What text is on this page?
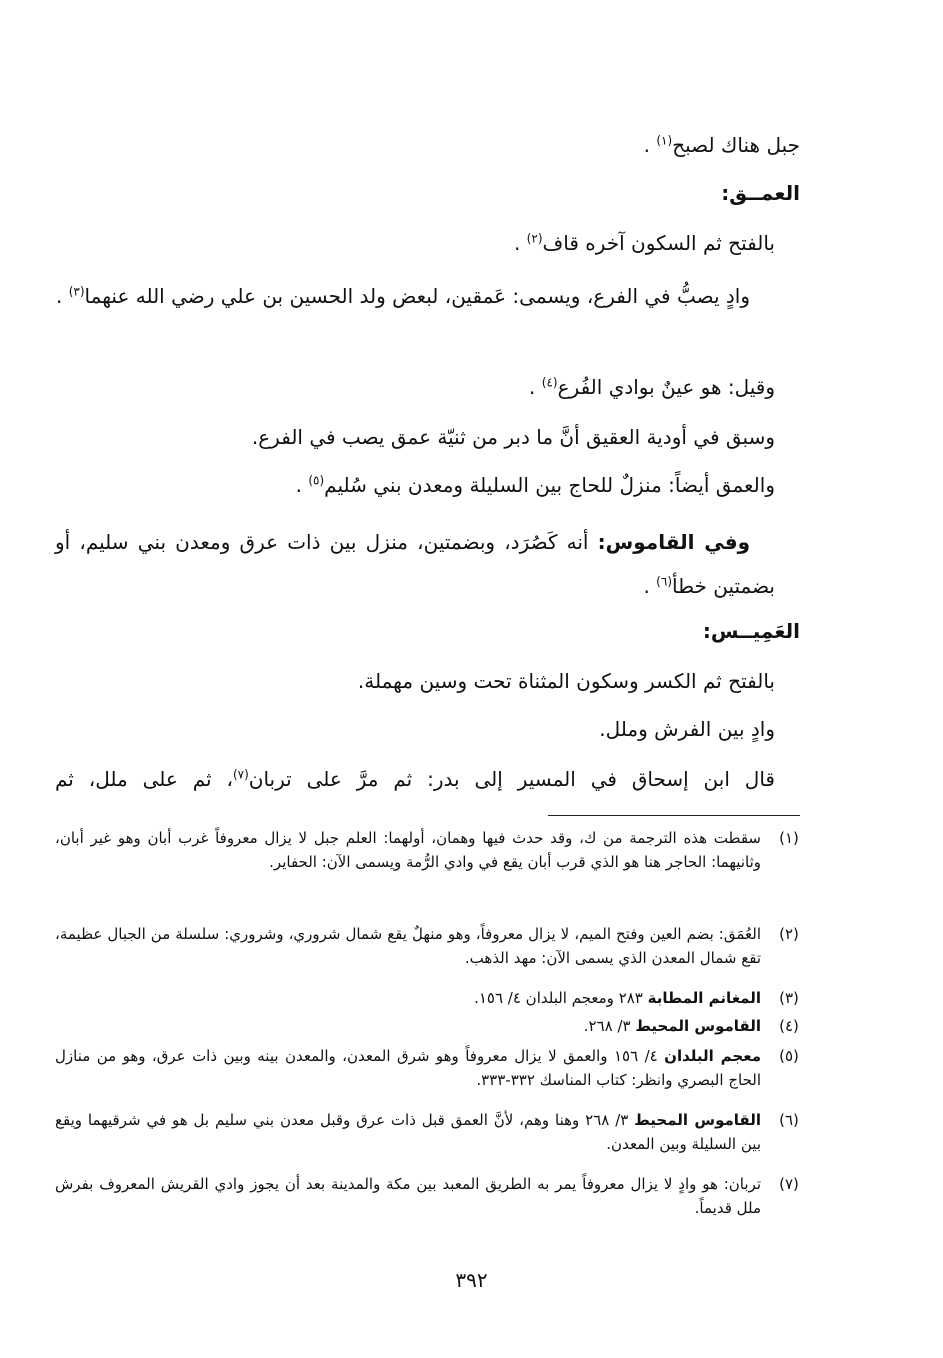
جبل هناك لصبح$^{(١)}$ .
العمــق:
بالفتح ثم السكون آخره قاف$^{(٢)}$ .
وادٍ يصبُّ في الفرع، ويسمى: عَمقين، لبعض ولد الحسين بن علي رضي الله عنهما$^{(٣)}$ .
وقيل: هو عينٌ بوادي الفُرع$^{(٤)}$ .
وسبق في أودية العقيق أنَّ ما دبر من ثنيّة عمق يصب في الفرع.
والعمق أيضاً: منزلٌ للحاج بين السليلة ومعدن بني سُليم$^{(٥)}$ .
وفي القاموس: أنه كَصُرَد، وبضمتين، منزل بين ذات عرق ومعدن بني سليم، أو بضمتين خطأ$^{(٦)}$ .
العَمِيــس:
بالفتح ثم الكسر وسكون المثناة تحت وسين مهملة.
وادٍ بين الفرش وملل.
قال ابن إسحاق في المسير إلى بدر: ثم مرَّ على تربان$^{(٧)}$، ثم على ملل، ثم
(١)
سقطت هذه الترجمة من ك، وقد حدث فيها وهمان، أولهما: العلم جبل لا يزال معروفاً غرب أبان وهو غير أبان، وثانيهما: الحاجر هنا هو الذي قرب أبان يقع في وادي الرُّمة ويسمى الآن: الحفاير.
(٢)
العُمَق: بضم العين وفتح الميم، لا يزال معروفاً، وهو منهلٌ يقع شمال شروري، وشروري: سلسلة من الجبال عظيمة، تقع شمال المعدن الذي يسمى الآن: مهد الذهب.
(٣)
المغانم المطابة ٢٨٣ ومعجم البلدان ٤/ ١٥٦.
(٤)
القاموس المحيط ٣/ ٢٦٨.
(٥)
معجم البلدان ٤/ ١٥٦ والعمق لا يزال معروفاً وهو شرق المعدن، والمعدن بينه وبين ذات عرق، وهو من منازل الحاج البصري وانظر: كتاب المناسك ٣٣٢-٣٣٣.
(٦)
القاموس المحيط ٣/ ٢٦٨ وهنا وهم، لأنَّ العمق قبل ذات عرق وقبل معدن بني سليم بل هو في شرقيهما ويقع بين السليلة وبين المعدن.
(٧)
تربان: هو وادٍ لا يزال معروفاً يمر به الطريق المعبد بين مكة والمدينة بعد أن يجوز وادي القريش المعروف بفرش ملل قديماً.
٣٩٢
